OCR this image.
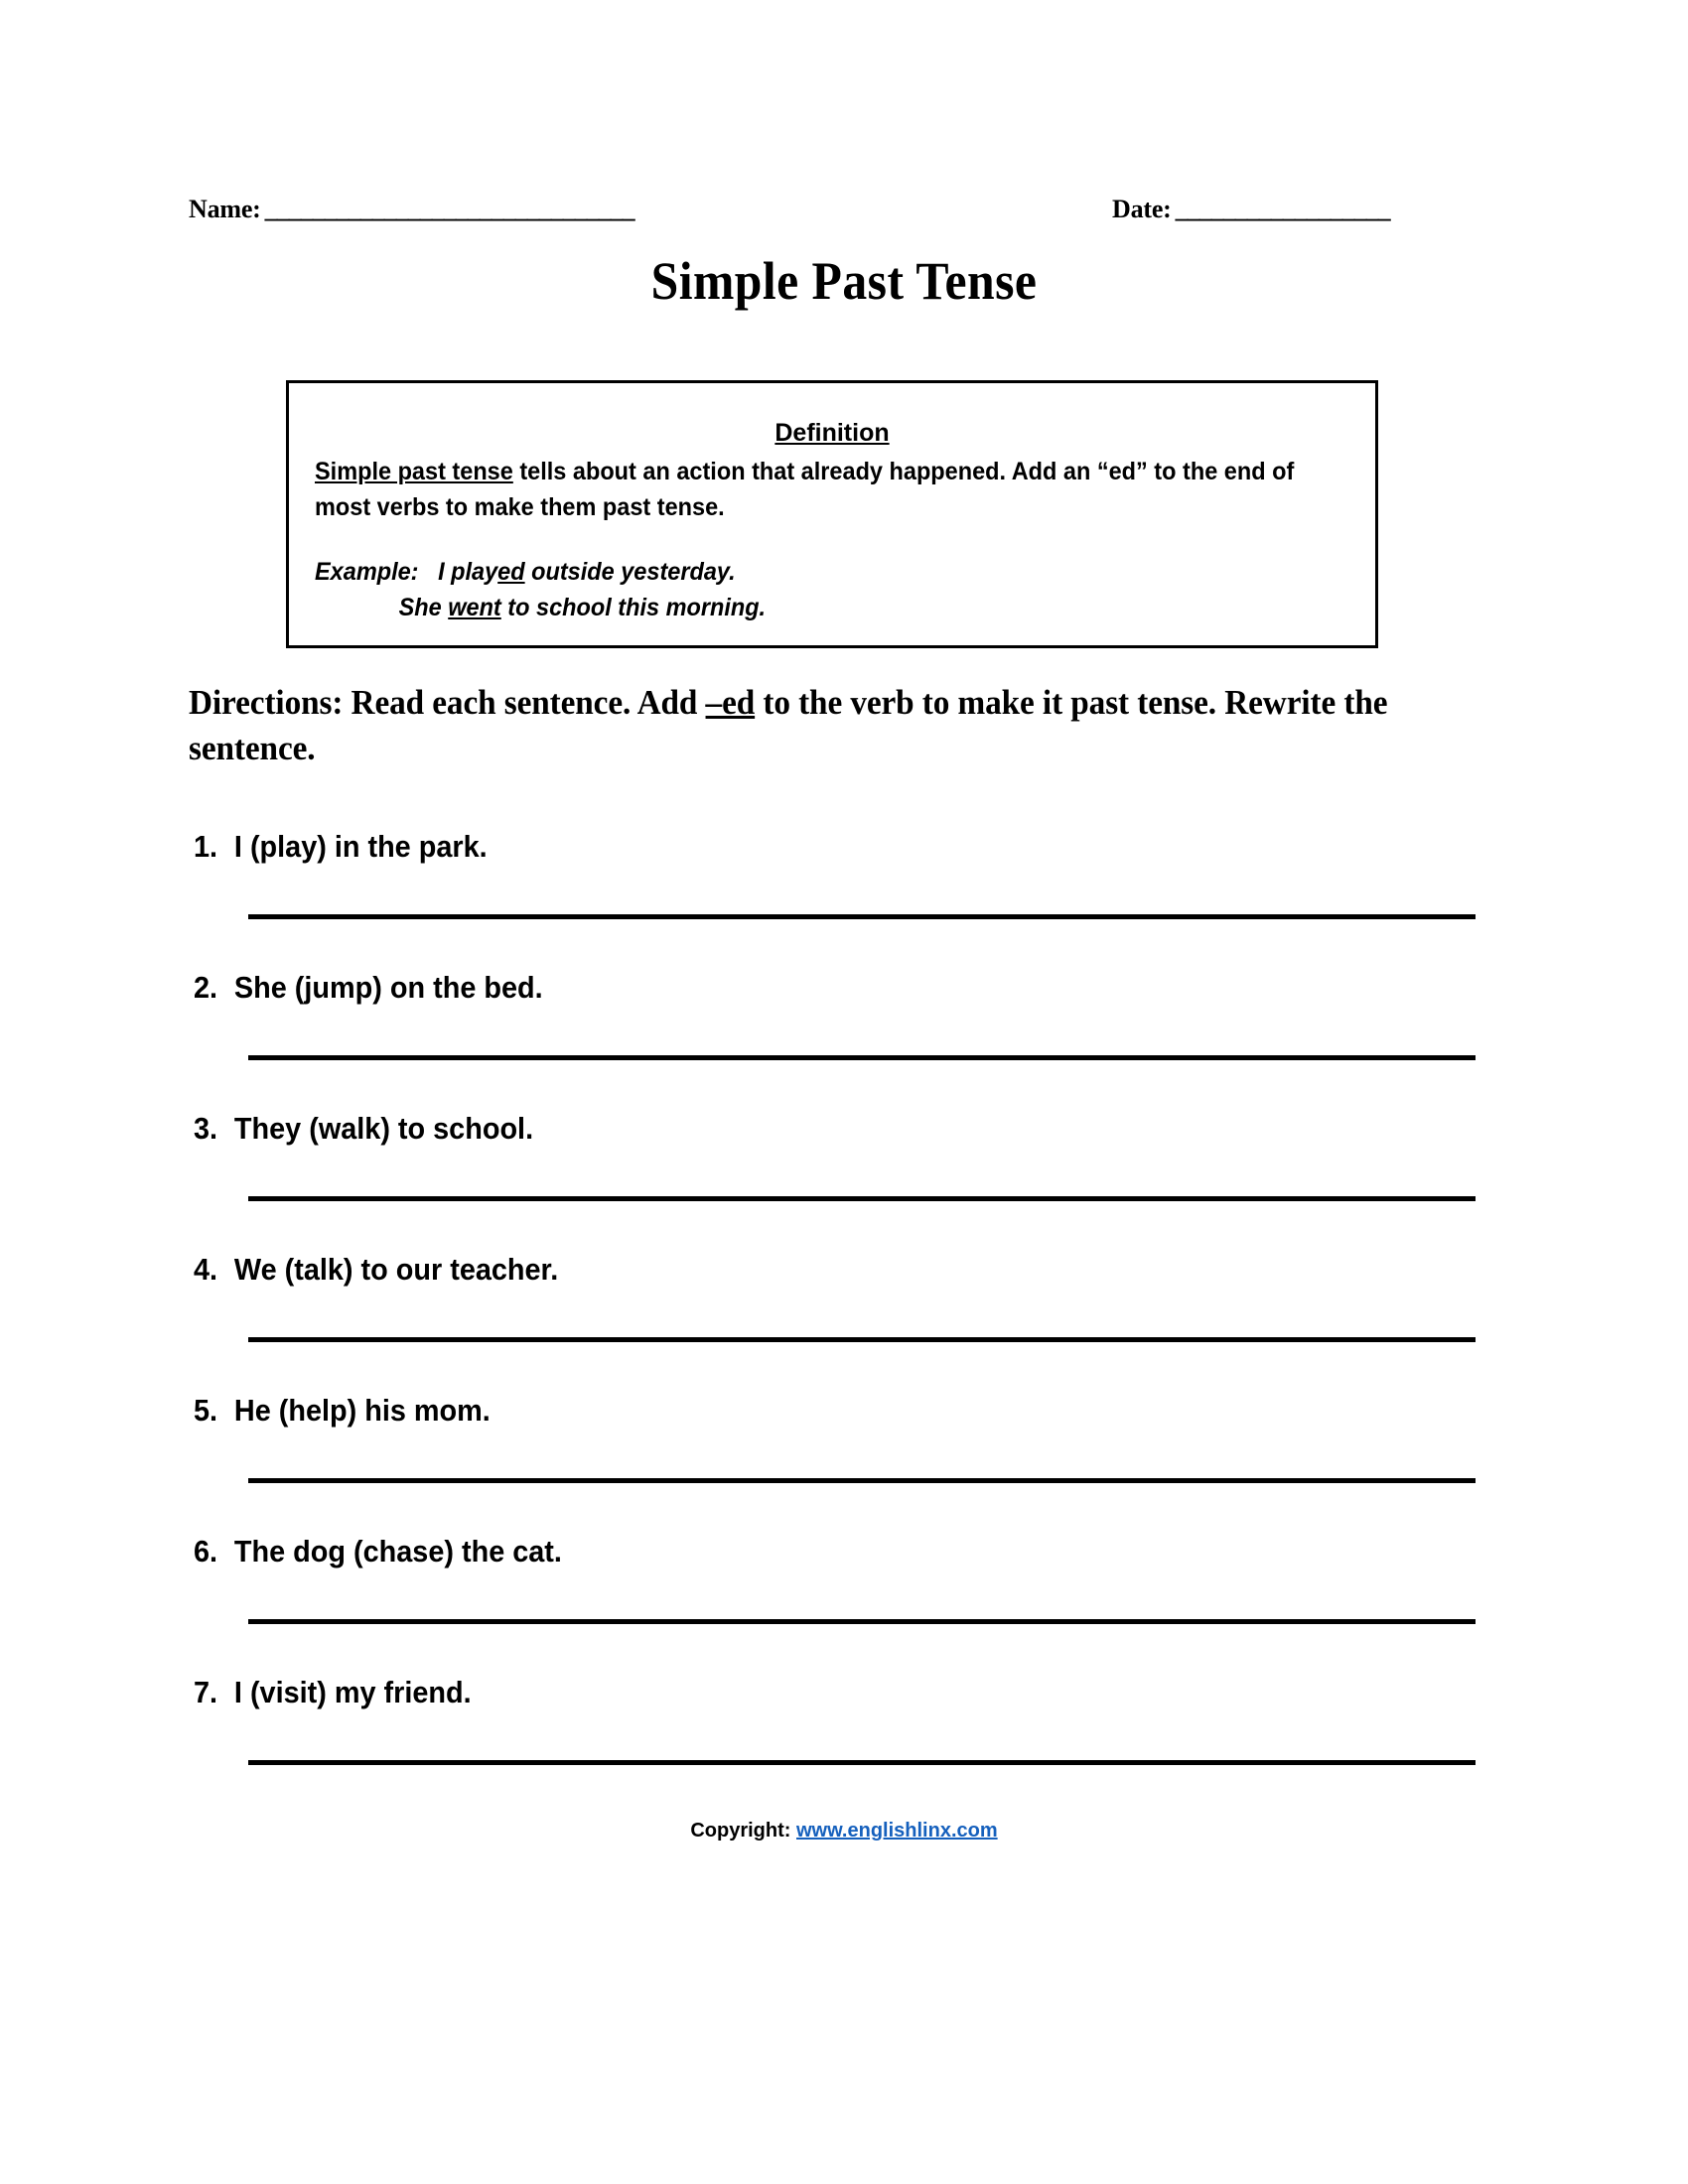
Name: _______________________________	Date: __________________
Simple Past Tense
Definition
Simple past tense tells about an action that already happened. Add an “ed” to the end of most verbs to make them past tense.
Example: I played outside yesterday.
She went to school this morning.
Directions: Read each sentence. Add –ed to the verb to make it past tense. Rewrite the sentence.
1. I (play) in the park.
2. She (jump) on the bed.
3. They (walk) to school.
4. We (talk) to our teacher.
5. He (help) his mom.
6. The dog (chase) the cat.
7. I (visit) my friend.
Copyright: www.englishlinx.com
